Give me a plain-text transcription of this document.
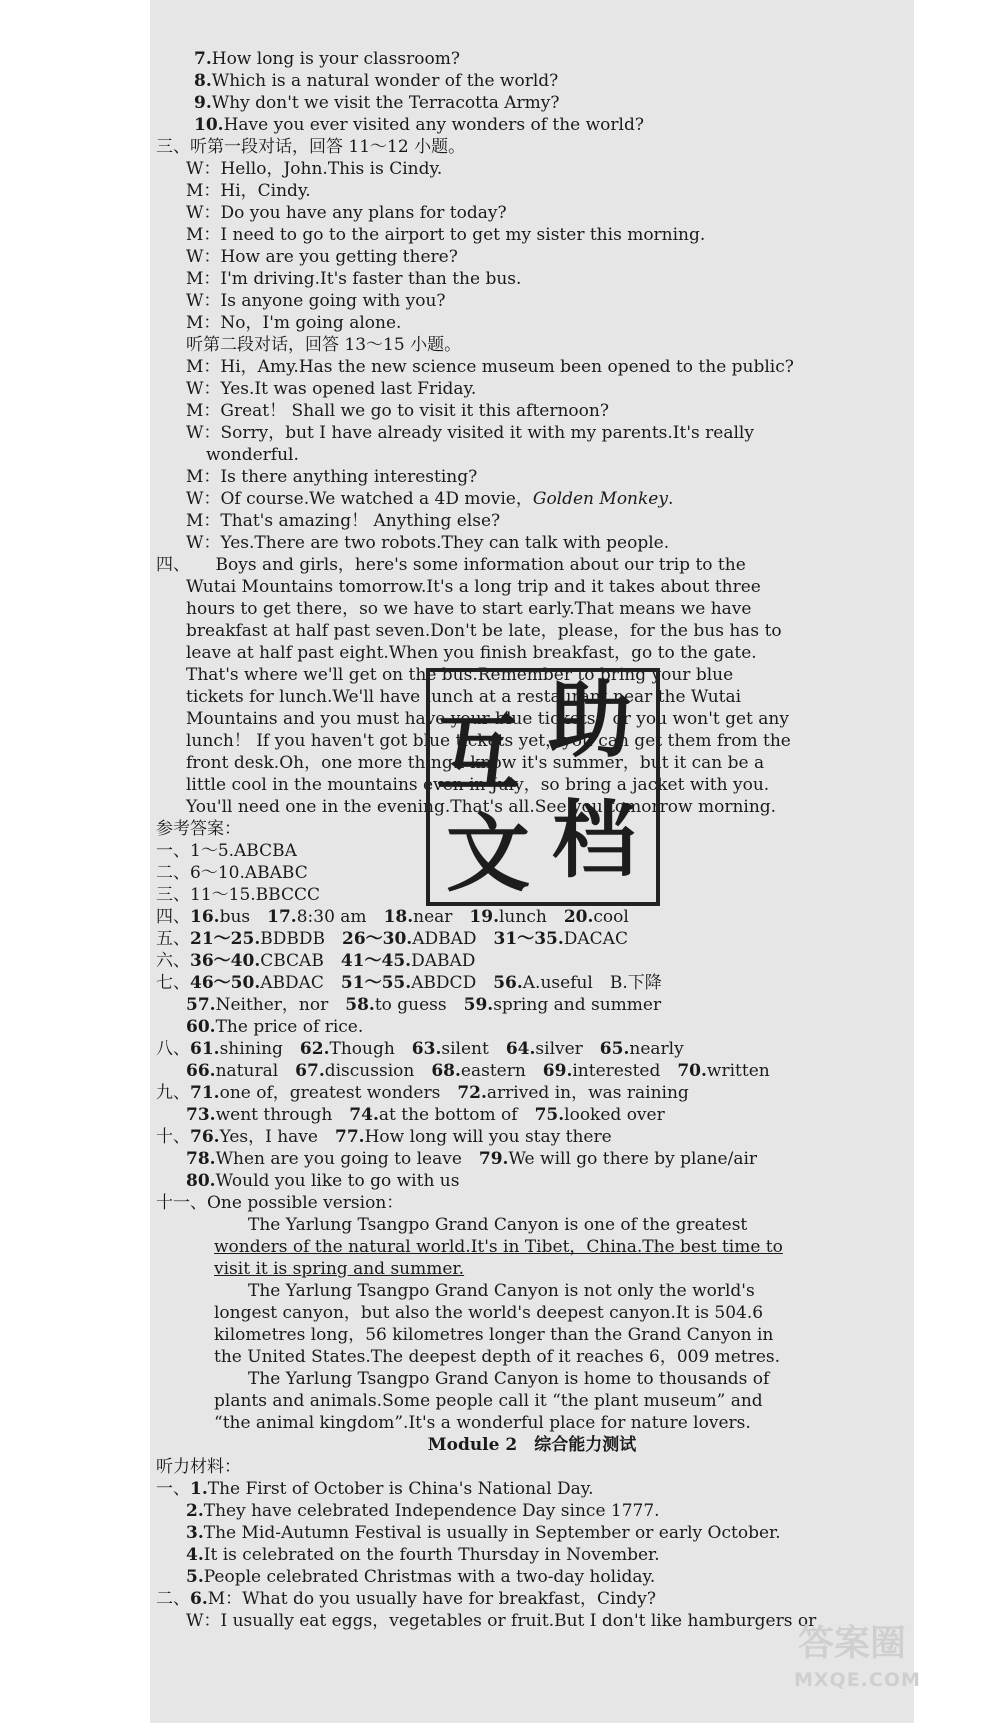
7.How long is your classroom?
8.Which is a natural wonder of the world?
9.Why don't we visit the Terracotta Army?
10.Have you ever visited any wonders of the world?
三、听第一段对话，回答 11～12 小题。
W：Hello，John.This is Cindy.
M：Hi，Cindy.
W：Do you have any plans for today?
M：I need to go to the airport to get my sister this morning.
W：How are you getting there?
M：I'm driving.It's faster than the bus.
W：Is anyone going with you?
M：No，I'm going alone.
听第二段对话，回答 13～15 小题。
M：Hi，Amy.Has the new science museum been opened to the public?
W：Yes.It was opened last Friday.
M：Great！ Shall we go to visit it this afternoon?
W：Sorry，but I have already visited it with my parents.It's really
wonderful.
M：Is there anything interesting?
W：Of course.We watched a 4D movie，Golden Monkey.
M：That's amazing！ Anything else?
W：Yes.There are two robots.They can talk with people.
四、　　Boys and girls，here's some information about our trip to the
Wutai Mountains tomorrow.It's a long trip and it takes about three
hours to get there，so we have to start early.That means we have
breakfast at half past seven.Don't be late，please，for the bus has to
leave at half past eight.When you finish breakfast，go to the gate.
That's where we'll get on the bus.Remember to bring your blue
tickets for lunch.We'll have lunch at a restaurant near the Wutai
Mountains and you must have your blue tickets，or you won't get any
lunch！ If you haven't got blue tickets yet，you can get them from the
front desk.Oh，one more thing.I know it's summer，but it can be a
little cool in the mountains even in July，so bring a jacket with you.
You'll need one in the evening.That's all.See you tomorrow morning.
参考答案：
一、1～5.ABCBA
二、6～10.ABABC
三、11～15.BBCCC
四、16.bus　17.8:30 am　18.near　19.lunch　20.cool
五、21～25.BDBDB　26～30.ADBAD　31～35.DACAC
六、36～40.CBCAB　41～45.DABAD
七、46～50.ABDAC　51～55.ABDCD　56.A.useful　B.下降
57.Neither，nor　58.to guess　59.spring and summer
60.The price of rice.
八、61.shining　62.Though　63.silent　64.silver　65.nearly
66.natural　67.discussion　68.eastern　69.interested　70.written
九、71.one of，greatest wonders　72.arrived in，was raining
73.went through　74.at the bottom of　75.looked over
十、76.Yes，I have　77.How long will you stay there
78.When are you going to leave　79.We will go there by plane/air
80.Would you like to go with us
十一、One possible version：
　　The Yarlung Tsangpo Grand Canyon is one of the greatest
wonders of the natural world.It's in Tibet，China.The best time to
visit it is spring and summer.
　　The Yarlung Tsangpo Grand Canyon is not only the world's
longest canyon，but also the world's deepest canyon.It is 504.6
kilometres long，56 kilometres longer than the Grand Canyon in
the United States.The deepest depth of it reaches 6，009 metres.
　　The Yarlung Tsangpo Grand Canyon is home to thousands of
plants and animals.Some people call it “the plant museum” and
“the animal kingdom”.It's a wonderful place for nature lovers.
Module 2　综合能力测试
听力材料：
一、1.The First of October is China's National Day.
2.They have celebrated Independence Day since 1777.
3.The Mid-Autumn Festival is usually in September or early October.
4.It is celebrated on the fourth Thursday in November.
5.People celebrated Christmas with a two-day holiday.
二、6.M：What do you usually have for breakfast，Cindy?
W：I usually eat eggs，vegetables or fruit.But I don't like hamburgers or
互 助
文 档
答案圈
MXQE.COM
